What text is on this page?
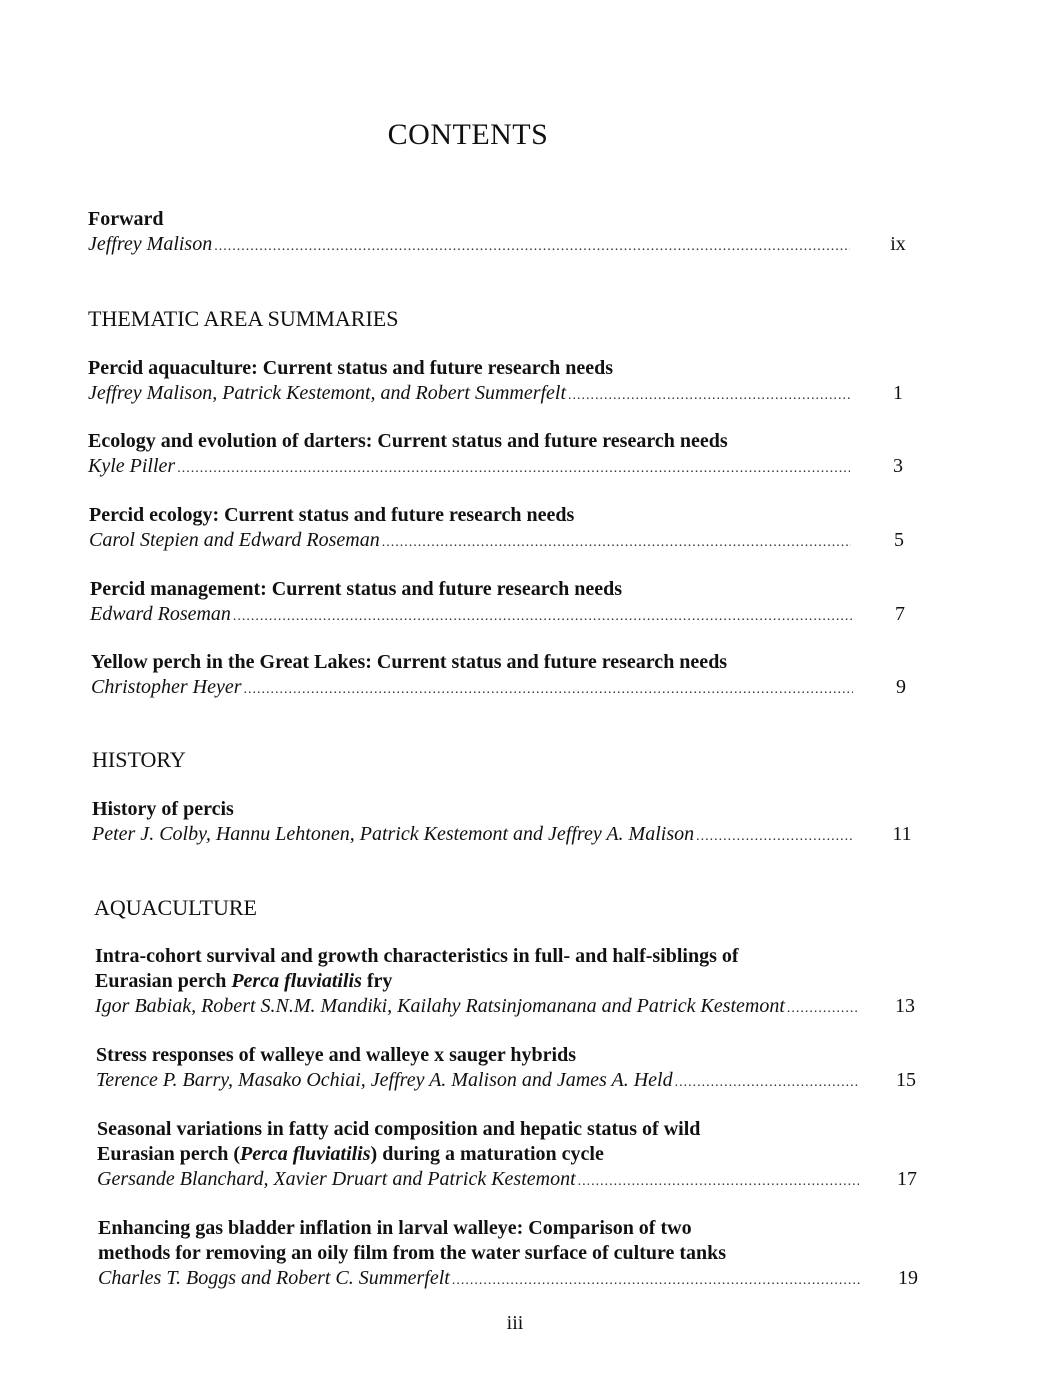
CONTENTS
Forward
Jeffrey Malison .....	ix
THEMATIC AREA SUMMARIES
Percid aquaculture: Current status and future research needs
Jeffrey Malison, Patrick Kestemont, and Robert Summerfelt .....	1
Ecology and evolution of darters: Current status and future research needs
Kyle Piller .....	3
Percid ecology: Current status and future research needs
Carol Stepien and Edward Roseman .....	5
Percid management: Current status and future research needs
Edward Roseman .....	7
Yellow perch in the Great Lakes: Current status and future research needs
Christopher Heyer .....	9
HISTORY
History of percis
Peter J. Colby, Hannu Lehtonen, Patrick Kestemont and Jeffrey A. Malison .....	11
AQUACULTURE
Intra-cohort survival and growth characteristics in full- and half-siblings of
Eurasian perch Perca fluviatilis fry
Igor Babiak, Robert S.N.M. Mandiki, Kailahy Ratsinjomanana and Patrick Kestemont .....	13
Stress responses of walleye and walleye x sauger hybrids
Terence P. Barry, Masako Ochiai, Jeffrey A. Malison and James A. Held .....	15
Seasonal variations in fatty acid composition and hepatic status of wild
Eurasian perch (Perca fluviatilis) during a maturation cycle
Gersande Blanchard, Xavier Druart and Patrick Kestemont .....	17
Enhancing gas bladder inflation in larval walleye: Comparison of two
methods for removing an oily film from the water surface of culture tanks
Charles T. Boggs and Robert C. Summerfelt .....	19
iii
